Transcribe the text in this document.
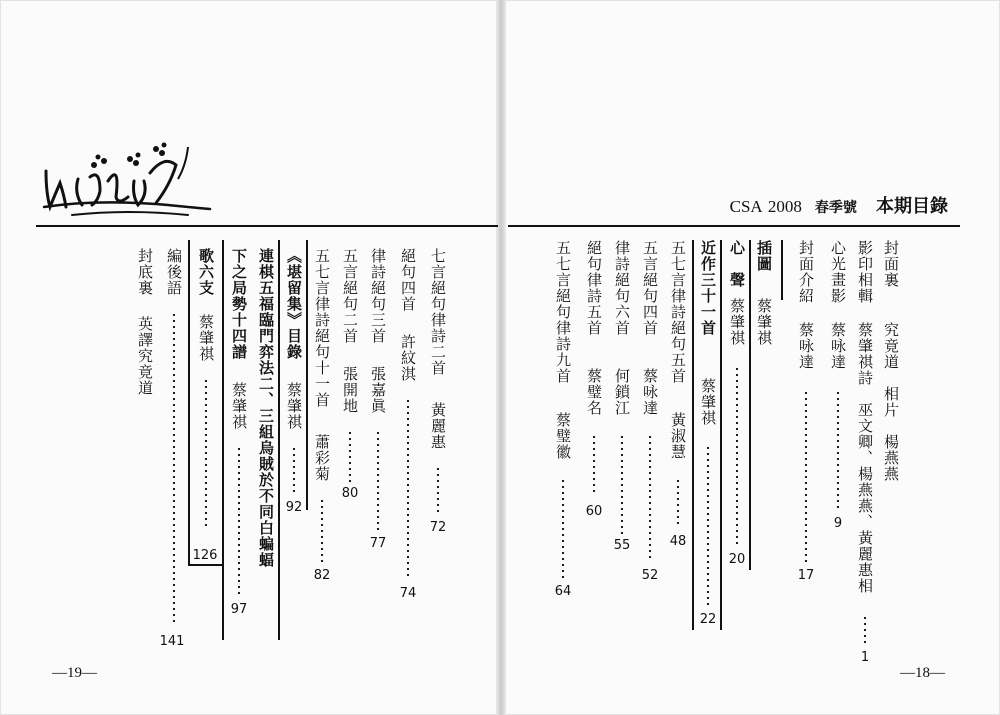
CSA 2008 春季號 本期目錄
封面裏
究竟道　相片　楊燕燕
影印相輯
蔡肇祺詩　巫文卿、楊燕燕、黃麗惠相
1
心光畫影
蔡咏達
9
封面介紹
蔡咏達
17
插圖
蔡肇祺
心　聲
蔡肇祺
20
近作三十一首
蔡肇祺
22
五七言律詩絕句五首
黃淑慧
48
五言絕句四首
蔡咏達
52
律詩絕句六首
何鎖江
55
絕句律詩五首
蔡璧名
60
五七言絕句律詩九首
蔡璧徽
64
七言絕句律詩二首
黃麗惠
72
絕句四首
許紋淇
74
律詩絕句三首
張嘉眞
77
五言絕句二首
張開地
80
五七言律詩絕句十一首
蕭彩菊
82
《堪留集》目錄
蔡肇祺
92
連棋五福臨門弈法二、三組烏賊於不同白蝙蝠
下之局勢十四譜
蔡肇祺
97
歌六支
蔡肇祺
126
編後語
141
封底裏
英譯究竟道
—19—	—18—
